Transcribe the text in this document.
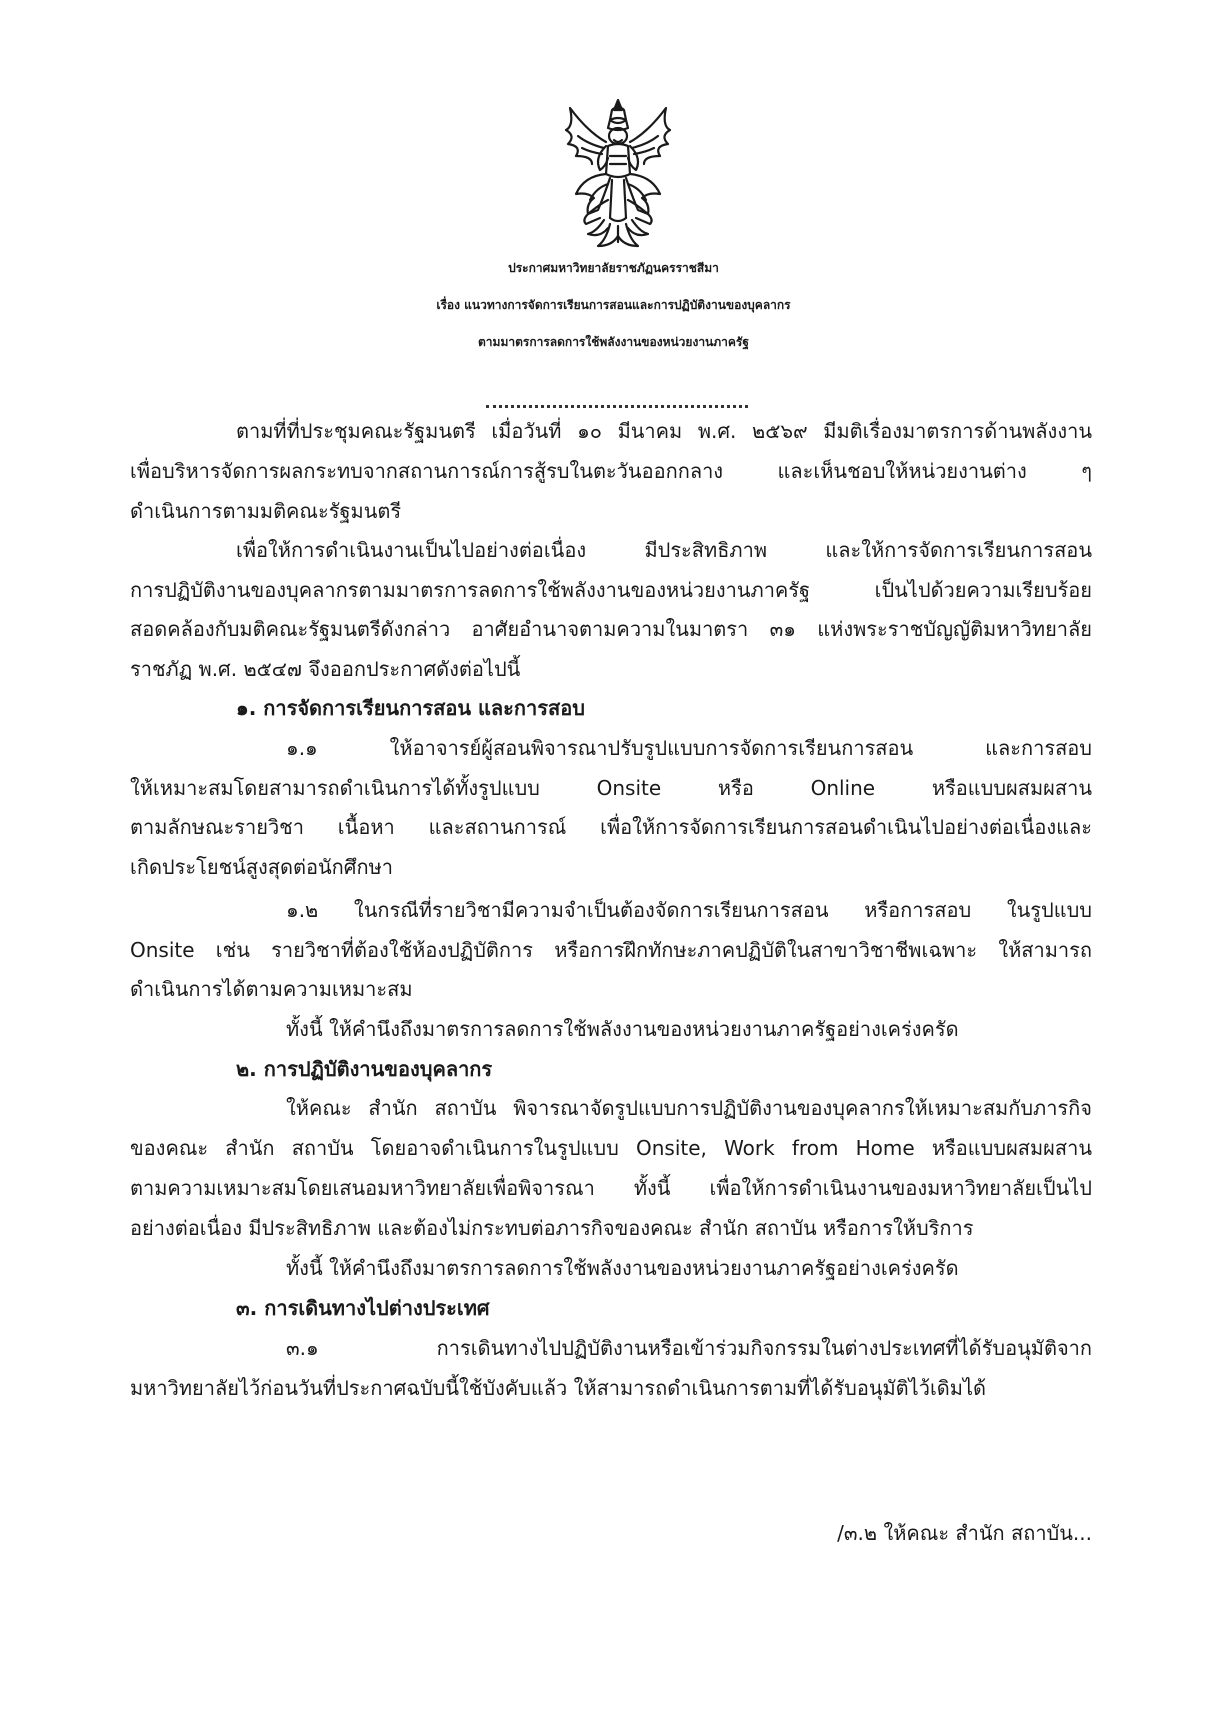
ประกาศมหาวิทยาลัยราชภัฏนครราชสีมา
เรื่อง แนวทางการจัดการเรียนการสอนและการปฏิบัติงานของบุคลากร
ตามมาตรการลดการใช้พลังงานของหน่วยงานภาครัฐ
ตามที่ที่ประชุมคณะรัฐมนตรี เมื่อวันที่ ๑๐ มีนาคม พ.ศ. ๒๕๖๙ มีมติเรื่องมาตรการด้านพลังงาน
เพื่อบริหารจัดการผลกระทบจากสถานการณ์การสู้รบในตะวันออกกลาง และเห็นชอบให้หน่วยงานต่าง ๆ
ดำเนินการตามมติคณะรัฐมนตรี
เพื่อให้การดำเนินงานเป็นไปอย่างต่อเนื่อง มีประสิทธิภาพ และให้การจัดการเรียนการสอน
การปฏิบัติงานของบุคลากรตามมาตรการลดการใช้พลังงานของหน่วยงานภาครัฐ เป็นไปด้วยความเรียบร้อย
สอดคล้องกับมติคณะรัฐมนตรีดังกล่าว อาศัยอำนาจตามความในมาตรา ๓๑ แห่งพระราชบัญญัติมหาวิทยาลัย
ราชภัฏ พ.ศ. ๒๕๔๗ จึงออกประกาศดังต่อไปนี้
๑. การจัดการเรียนการสอน และการสอบ
๑.๑ ให้อาจารย์ผู้สอนพิจารณาปรับรูปแบบการจัดการเรียนการสอน และการสอบ
ให้เหมาะสมโดยสามารถดำเนินการได้ทั้งรูปแบบ Onsite หรือ Online หรือแบบผสมผสาน
ตามลักษณะรายวิชา เนื้อหา และสถานการณ์ เพื่อให้การจัดการเรียนการสอนดำเนินไปอย่างต่อเนื่องและ
เกิดประโยชน์สูงสุดต่อนักศึกษา
๑.๒ ในกรณีที่รายวิชามีความจำเป็นต้องจัดการเรียนการสอน หรือการสอบ ในรูปแบบ
Onsite เช่น รายวิชาที่ต้องใช้ห้องปฏิบัติการ หรือการฝึกทักษะภาคปฏิบัติในสาขาวิชาชีพเฉพาะ ให้สามารถ
ดำเนินการได้ตามความเหมาะสม
ทั้งนี้ ให้คำนึงถึงมาตรการลดการใช้พลังงานของหน่วยงานภาครัฐอย่างเคร่งครัด
๒. การปฏิบัติงานของบุคลากร
ให้คณะ สำนัก สถาบัน พิจารณาจัดรูปแบบการปฏิบัติงานของบุคลากรให้เหมาะสมกับภารกิจ
ของคณะ สำนัก สถาบัน โดยอาจดำเนินการในรูปแบบ Onsite, Work from Home หรือแบบผสมผสาน
ตามความเหมาะสมโดยเสนอมหาวิทยาลัยเพื่อพิจารณา ทั้งนี้ เพื่อให้การดำเนินงานของมหาวิทยาลัยเป็นไป
อย่างต่อเนื่อง มีประสิทธิภาพ และต้องไม่กระทบต่อภารกิจของคณะ สำนัก สถาบัน หรือการให้บริการ
ทั้งนี้ ให้คำนึงถึงมาตรการลดการใช้พลังงานของหน่วยงานภาครัฐอย่างเคร่งครัด
๓. การเดินทางไปต่างประเทศ
๓.๑ การเดินทางไปปฏิบัติงานหรือเข้าร่วมกิจกรรมในต่างประเทศที่ได้รับอนุมัติจาก
มหาวิทยาลัยไว้ก่อนวันที่ประกาศฉบับนี้ใช้บังคับแล้ว ให้สามารถดำเนินการตามที่ได้รับอนุมัติไว้เดิมได้
/๓.๒ ให้คณะ สำนัก สถาบัน...
